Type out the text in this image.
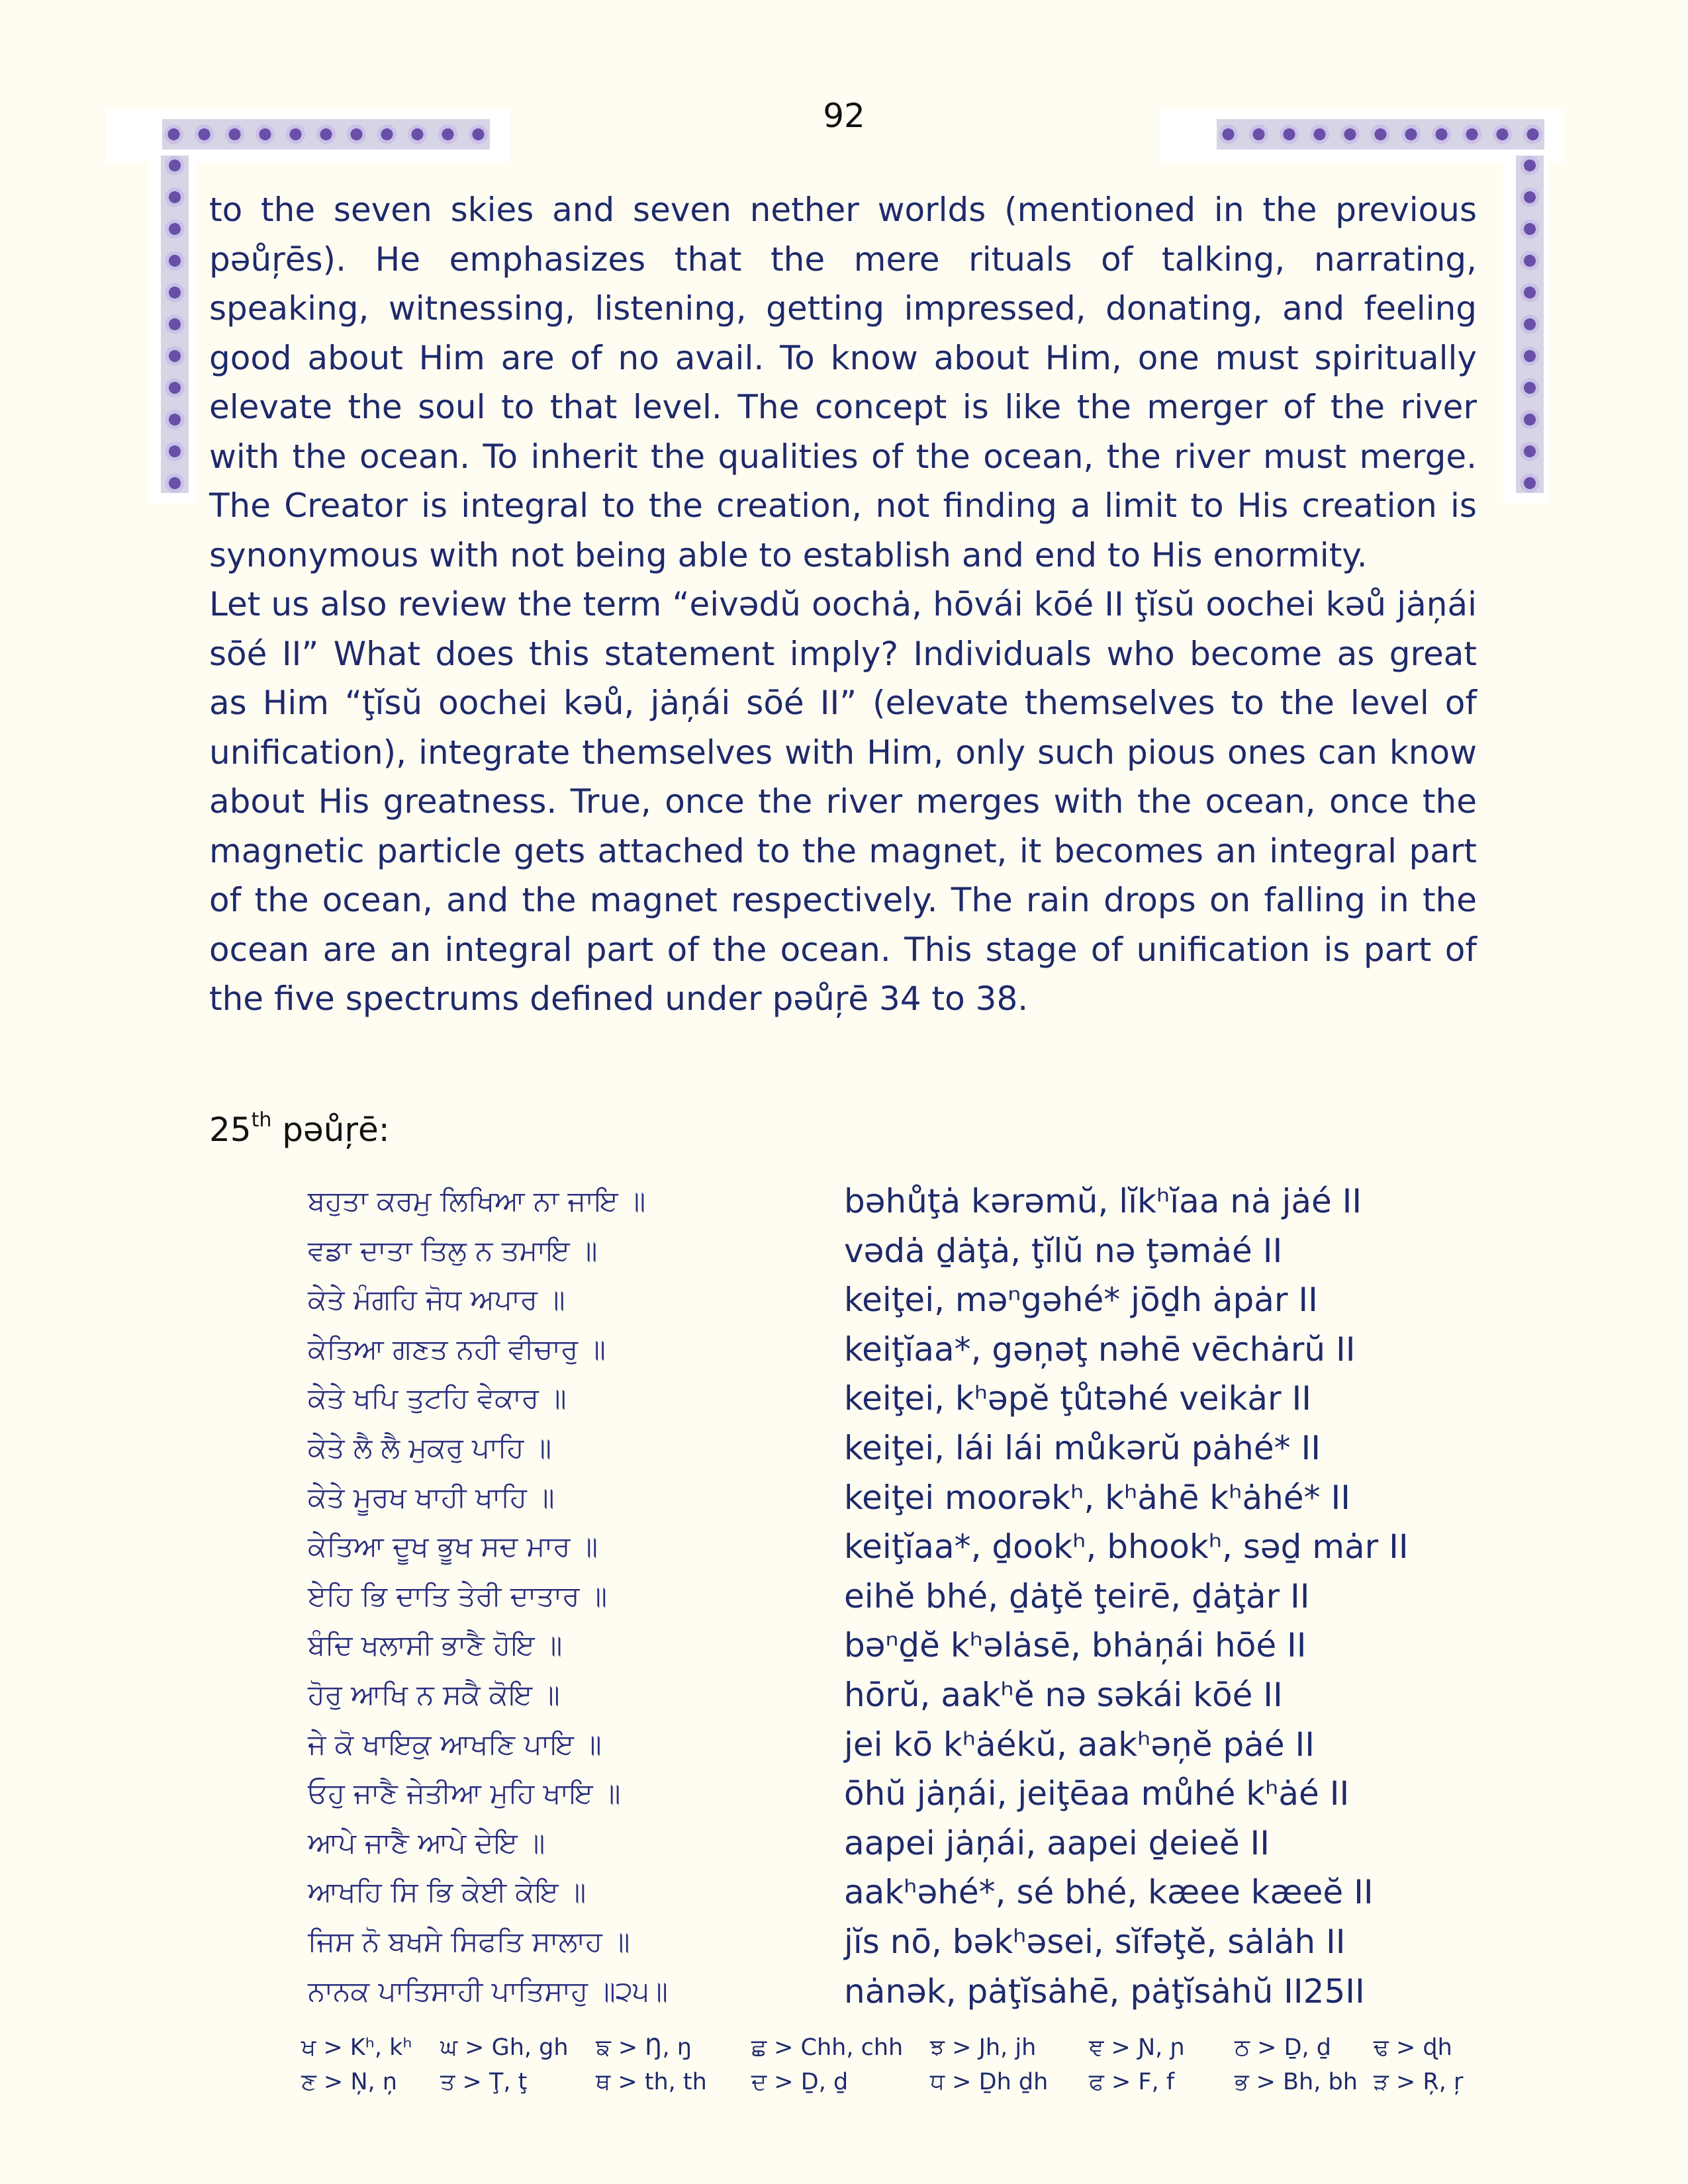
92

to the seven skies and seven nether worlds (mentioned in the previous pəůŗēs). He emphasizes that the mere rituals of talking, narrating, speaking, witnessing, listening, getting impressed, donating, and feeling good about Him are of no avail. To know about Him, one must spiritually elevate the soul to that level. The concept is like the merger of the river with the ocean. To inherit the qualities of the ocean, the river must merge. The Creator is integral to the creation, not finding a limit to His creation is synonymous with not being able to establish and end to His enormity.

Let us also review the term “eivədŭ oochȧ, hōvái kōé II ţĭsŭ oochei kəů jȧņái sōé II” What does this statement imply? Individuals who become as great as Him “ţĭsŭ oochei kəů, jȧņái sōé II” (elevate themselves to the level of unification), integrate themselves with Him, only such pious ones can know about His greatness. True, once the river merges with the ocean, once the magnetic particle gets attached to the magnet, it becomes an integral part of the ocean, and the magnet respectively. The rain drops on falling in the ocean are an integral part of the ocean. This stage of unification is part of the five spectrums defined under pəůŗē 34 to 38.

25th pəůŗē:
ਬਹੁਤਾ ਕਰਮੁ ਲਿਖਿਆ ਨਾ ਜਾਇ ॥	bəhůţȧ kərəmŭ, lĭkʰĭaa nȧ jȧé II
ਵਡਾ ਦਾਤਾ ਤਿਲੁ ਨ ਤਮਾਇ ॥	vədȧ ḏȧţȧ, ţĭlŭ nə ţəmȧé II
ਕੇਤੇ ਮੰਗਹਿ ਜੋਧ ਅਪਾਰ ॥	keiţei, məⁿgəhé* jōḏh ȧpȧr II
ਕੇਤਿਆ ਗਣਤ ਨਹੀ ਵੀਚਾਰੁ ॥	keiţĭaa*, gəņəţ nəhē vēchȧrŭ II
ਕੇਤੇ ਖਪਿ ਤੁਟਹਿ ਵੇਕਾਰ ॥	keiţei, kʰəpĕ ţůtəhé veikȧr II
ਕੇਤੇ ਲੈ ਲੈ ਮੁਕਰੁ ਪਾਹਿ ॥	keiţei, lái lái můkərŭ pȧhé* II
ਕੇਤੇ ਮੂਰਖ ਖਾਹੀ ਖਾਹਿ ॥	keiţei moorəkʰ, kʰȧhē kʰȧhé* II
ਕੇਤਿਆ ਦੂਖ ਭੂਖ ਸਦ ਮਾਰ ॥	keiţĭaa*, ḏookʰ, bhookʰ, səḏ mȧr II
ਏਹਿ ਭਿ ਦਾਤਿ ਤੇਰੀ ਦਾਤਾਰ ॥	eihĕ bhé, ḏȧţĕ ţeirē, ḏȧţȧr II
ਬੰਦਿ ਖਲਾਸੀ ਭਾਣੈ ਹੋਇ ॥	bəⁿḏĕ kʰəlȧsē, bhȧņái hōé II
ਹੋਰੁ ਆਖਿ ਨ ਸਕੈ ਕੋਇ ॥	hōrŭ, aakʰĕ nə səkái kōé II
ਜੇ ਕੋ ਖਾਇਕੁ ਆਖਣਿ ਪਾਇ ॥	jei kō kʰȧékŭ, aakʰəņĕ pȧé II
ਓਹੁ ਜਾਣੈ ਜੇਤੀਆ ਮੁਹਿ ਖਾਇ ॥	ōhŭ jȧņái, jeiţēaa můhé kʰȧé II
ਆਪੇ ਜਾਣੈ ਆਪੇ ਦੇਇ ॥	aapei jȧņái, aapei ḏeieĕ II
ਆਖਹਿ ਸਿ ਭਿ ਕੇਈ ਕੇਇ ॥	aakʰəhé*, sé bhé, kæee kæeĕ II
ਜਿਸ ਨੋ ਬਖਸੇ ਸਿਫਤਿ ਸਾਲਾਹ ॥	jĭs nō, bəkʰəsei, sĭfəţĕ, sȧlȧh II
ਨਾਨਕ ਪਾਤਿਸਾਹੀ ਪਾਤਿਸਾਹੁ ॥੨੫॥	nȧnək, pȧţĭsȧhē, pȧţĭsȧhŭ II25II
ਖ > Kʰ, kʰ	ਘ > Gh, gh	ਙ > Ŋ, ŋ	ਛ > Chh, chh	ਝ > Jh, jh	ਞ > Ɲ, ɲ	ਠ > Ḏ, ḏ	ਢ > ɖh
ਣ > Ņ, ņ	ਤ > Ţ, ţ	ਥ > th, th	ਦ > Ḏ, ḏ	ਧ > Ḏh ḏh	ਫ > F, f	ਭ > Bh, bh ੜ > Ŗ, ŗ
